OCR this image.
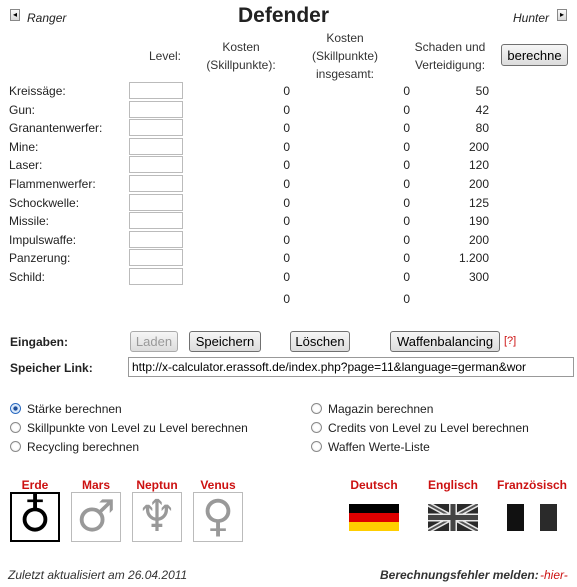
◂ Ranger	Defender	Hunter	▸
Level:
Kosten
(Skillpunkte):
Kosten
(Skillpunkte)
insgesamt:
Schaden und
Verteidigung:
berechne
Kreissäge:	0	0	50
Gun:	0	0	42
Granantenwerfer:	0	0	80
Mine:	0	0	200
Laser:	0	0	120
Flammenwerfer:	0	0	200
Schockwelle:	0	0	125
Missile:	0	0	190
Impulswaffe:	0	0	200
Panzerung:	0	0	1.200
Schild:	0	0	300
0	0
Eingaben:	Laden	Speichern	Löschen	Waffenbalancing [?]
Speicher Link:
http://x-calculator.erassoft.de/index.php?page=11&language=german&wor
Stärke berechnen
Skillpunkte von Level zu Level berechnen
Recycling berechnen
Magazin berechnen
Credits von Level zu Level berechnen
Waffen Werte-Liste
Erde
♁
Mars
♂
Neptun
♆
Venus
♀
Deutsch	Englisch	Französisch
Zuletzt aktualisiert am 26.04.2011	Berechnungsfehler melden: -hier-
